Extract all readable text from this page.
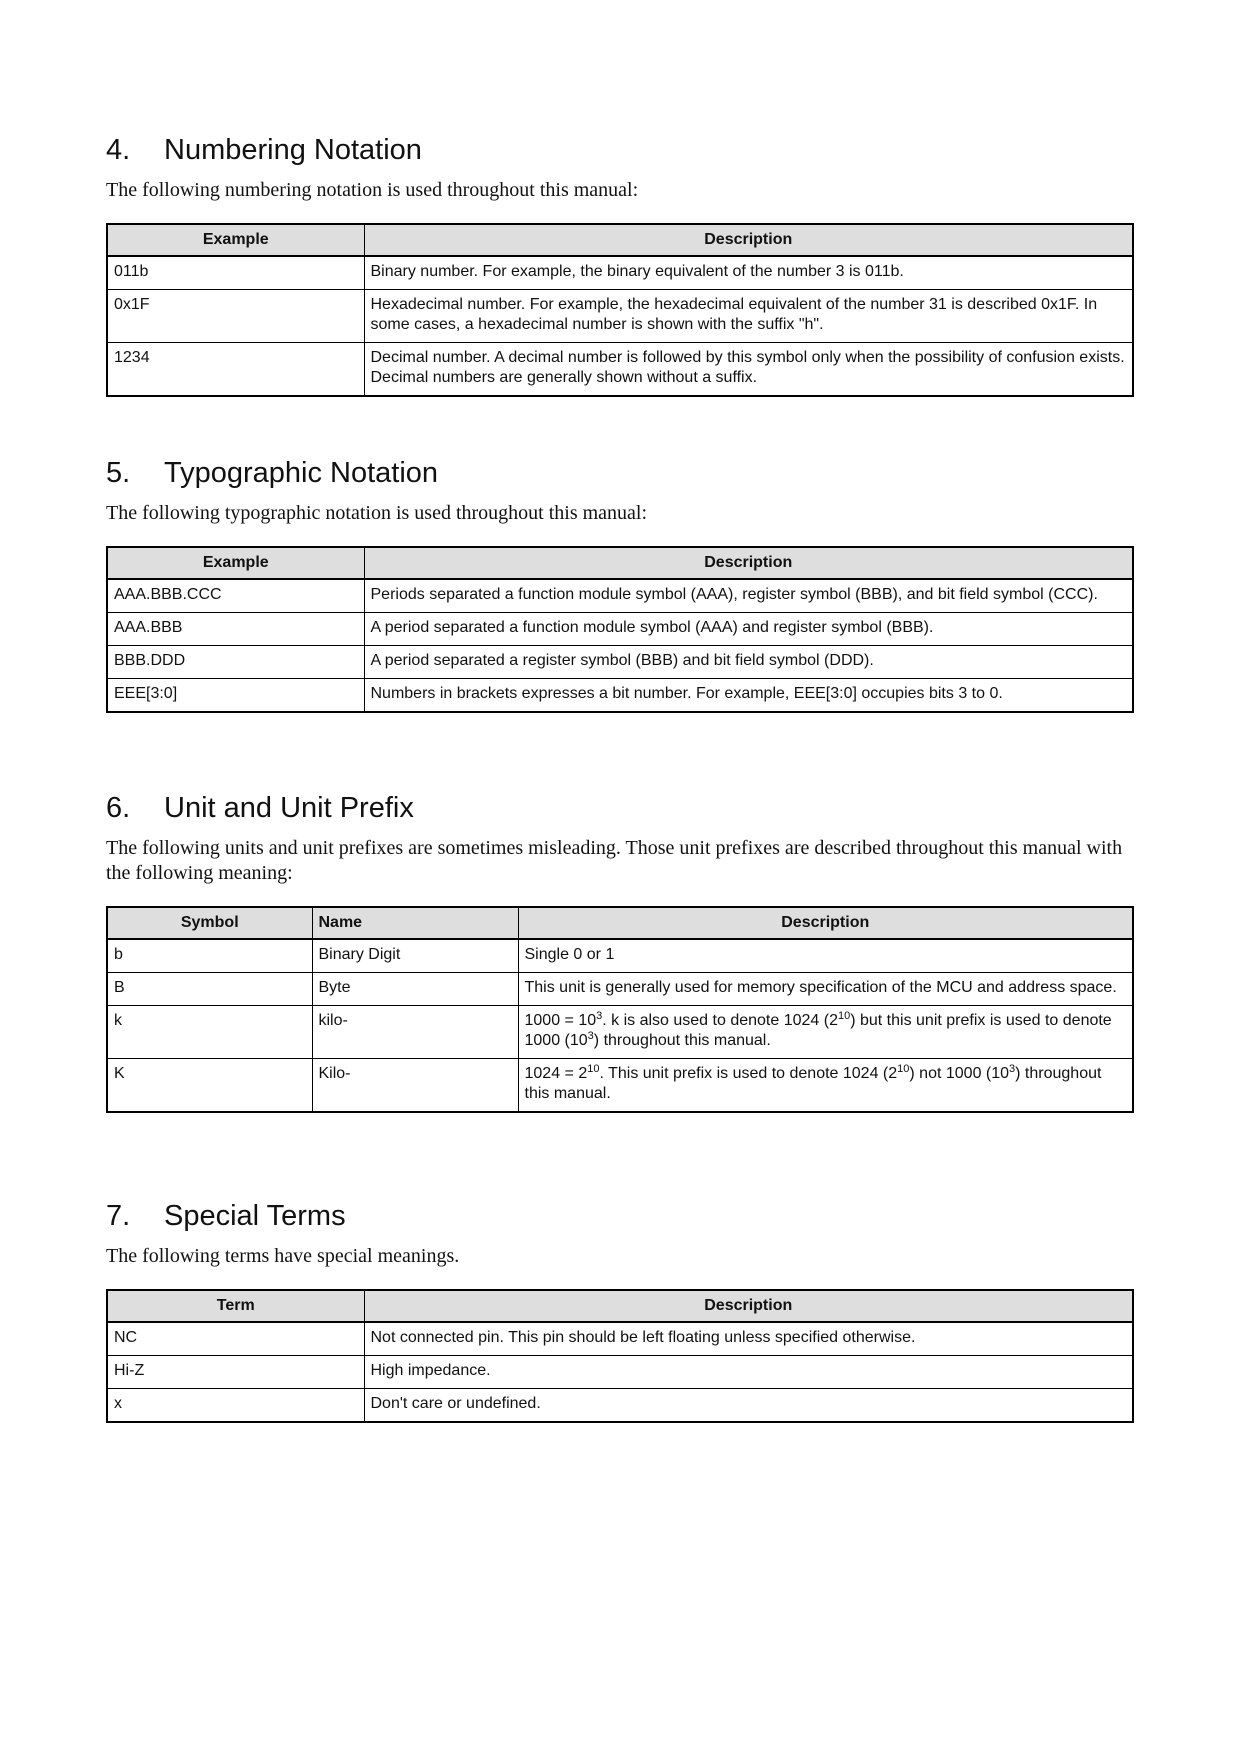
4. Numbering Notation

The following numbering notation is used throughout this manual:

Example	Description
011b	Binary number. For example, the binary equivalent of the number 3 is 011b.
0x1F	Hexadecimal number. For example, the hexadecimal equivalent of the number 31 is described 0x1F. In some cases, a hexadecimal number is shown with the suffix "h".
1234	Decimal number. A decimal number is followed by this symbol only when the possibility of confusion exists. Decimal numbers are generally shown without a suffix.
5. Typographic Notation

The following typographic notation is used throughout this manual:

Example	Description
AAA.BBB.CCC	Periods separated a function module symbol (AAA), register symbol (BBB), and bit field symbol (CCC).
AAA.BBB	A period separated a function module symbol (AAA) and register symbol (BBB).
BBB.DDD	A period separated a register symbol (BBB) and bit field symbol (DDD).
EEE[3:0]	Numbers in brackets expresses a bit number. For example, EEE[3:0] occupies bits 3 to 0.
6. Unit and Unit Prefix

The following units and unit prefixes are sometimes misleading. Those unit prefixes are described throughout this manual with the following meaning:

Symbol	Name	Description
b	Binary Digit	Single 0 or 1
B	Byte	This unit is generally used for memory specification of the MCU and address space.
k	kilo-	$1000 = 10^3$. k is also used to denote 1024 $(2^{10})$ but this unit prefix is used to denote 1000 $(10^3)$ throughout this manual.
K	Kilo-	$1024 = 2^{10}$. This unit prefix is used to denote 1024 $(2^{10})$ not 1000 $(10^3)$ throughout this manual.
7. Special Terms

The following terms have special meanings.

Term	Description
NC	Not connected pin. This pin should be left floating unless specified otherwise.
Hi-Z	High impedance.
x	Don't care or undefined.
